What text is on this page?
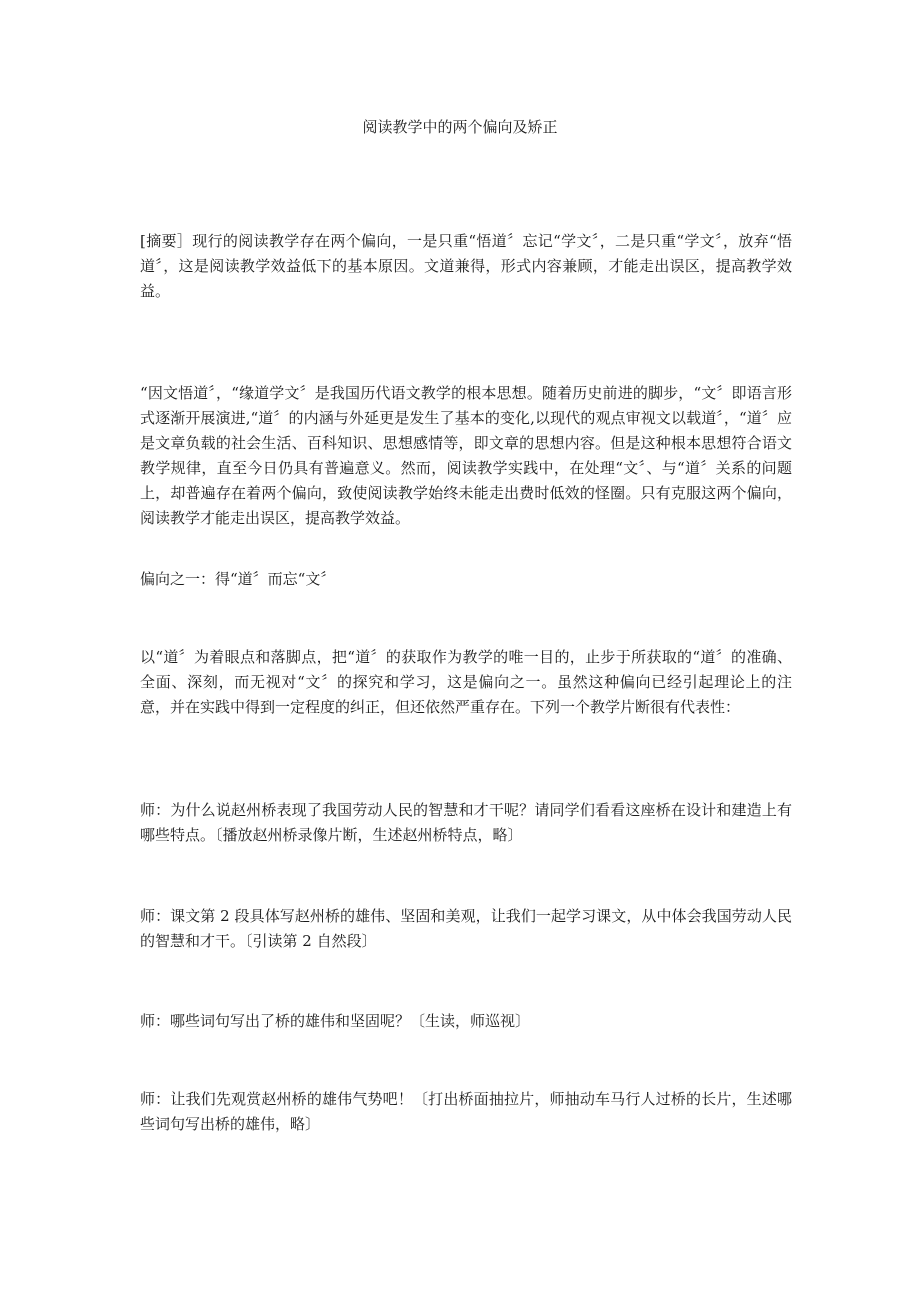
阅读教学中的两个偏向及矫正

[摘要］现行的阅读教学存在两个偏向，一是只重“悟道〞忘记“学文〞，二是只重“学文〞，放弃“悟道〞，这是阅读教学效益低下的基本原因。文道兼得，形式内容兼顾，才能走出误区，提高教学效益。

“因文悟道〞，“缘道学文〞是我国历代语文教学的根本思想。随着历史前进的脚步，“文〞即语言形式逐渐开展演进,“道〞的内涵与外延更是发生了基本的变化,以现代的观点审视文以载道〞，“道〞应是文章负载的社会生活、百科知识、思想感情等，即文章的思想内容。但是这种根本思想符合语文教学规律，直至今日仍具有普遍意义。然而，阅读教学实践中，在处理“文〞、与“道〞关系的问题上，却普遍存在着两个偏向，致使阅读教学始终未能走出费时低效的怪圈。只有克服这两个偏向，阅读教学才能走出误区，提高教学效益。

偏向之一：得“道〞而忘“文〞

以“道〞为着眼点和落脚点，把“道〞的获取作为教学的唯一目的，止步于所获取的“道〞的准确、全面、深刻，而无视对“文〞的探究和学习，这是偏向之一。虽然这种偏向已经引起理论上的注意，并在实践中得到一定程度的纠正，但还依然严重存在。下列一个教学片断很有代表性：

师：为什么说赵州桥表现了我国劳动人民的智慧和才干呢？请同学们看看这座桥在设计和建造上有哪些特点。〔播放赵州桥录像片断，生述赵州桥特点，略〕

师：课文第 2 段具体写赵州桥的雄伟、坚固和美观，让我们一起学习课文，从中体会我国劳动人民的智慧和才干。〔引读第 2 自然段〕

师：哪些词句写出了桥的雄伟和坚固呢？〔生读，师巡视〕

师：让我们先观赏赵州桥的雄伟气势吧！〔打出桥面抽拉片，师抽动车马行人过桥的长片，生述哪些词句写出桥的雄伟，略〕
